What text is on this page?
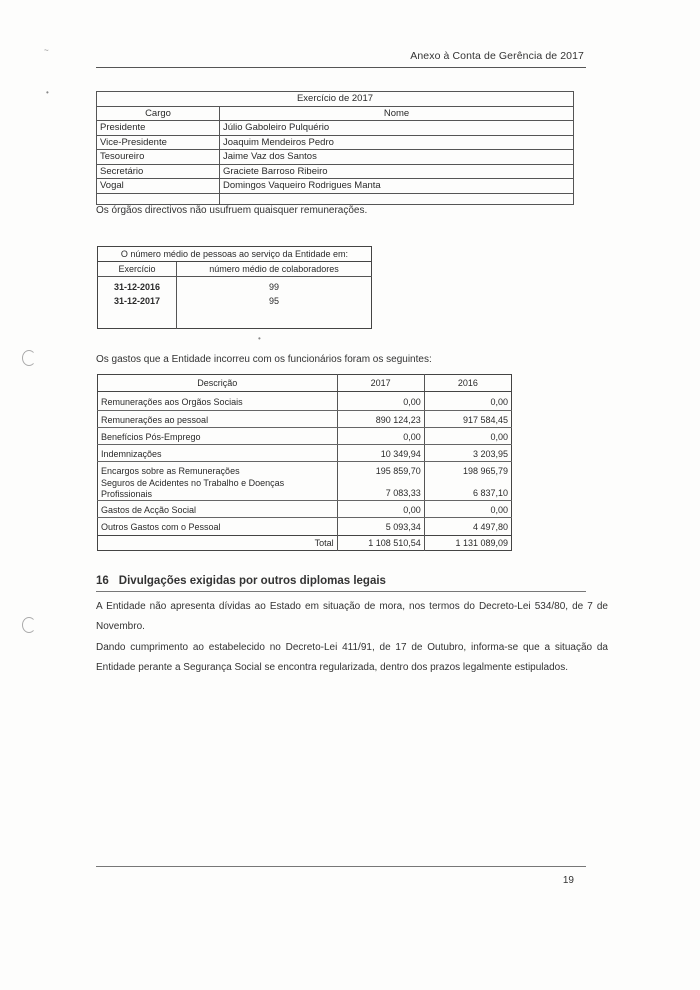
~
•
•
Anexo à Conta de Gerência de 2017
Exercício de 2017	
Cargo	Nome
Presidente	Júlio Gaboleiro Pulquério
Vice-Presidente	Joaquim Mendeiros Pedro
Tesoureiro	Jaime Vaz dos Santos
Secretário	Graciete Barroso Ribeiro
Vogal	Domingos Vaqueiro Rodrigues Manta

Os órgãos directivos não usufruem quaisquer remunerações.
O número médio de pessoas ao serviço da Entidade em:	
Exercício	número médio de colaboradores
31-12-2016	99
31-12-2017	95

Os gastos que a Entidade incorreu com os funcionários foram os seguintes:
Descrição	2017	2016
Remunerações aos Orgãos Sociais	0,00	0,00
Remunerações ao pessoal	890 124,23	917 584,45
Benefícios Pós-Emprego	0,00	0,00
Indemnizações	10 349,94	3 203,95
Encargos sobre as Remunerações	195 859,70	198 965,79

Seguros de Acidentes no Trabalho e Doenças
Profissionais	7 083,33	6 837,10
Gastos de Acção Social	0,00	0,00
Outros Gastos com o Pessoal	5 093,34	4 497,80
Total	1 108 510,54	1 131 089,09
16 Divulgações exigidas por outros diplomas legais
A Entidade não apresenta dívidas ao Estado em situação de mora, nos termos do Decreto-Lei 534/80, de 7 de Novembro.
Dando cumprimento ao estabelecido no Decreto-Lei 411/91, de 17 de Outubro, informa-se que a situação da Entidade perante a Segurança Social se encontra regularizada, dentro dos prazos legalmente estipulados.
19
